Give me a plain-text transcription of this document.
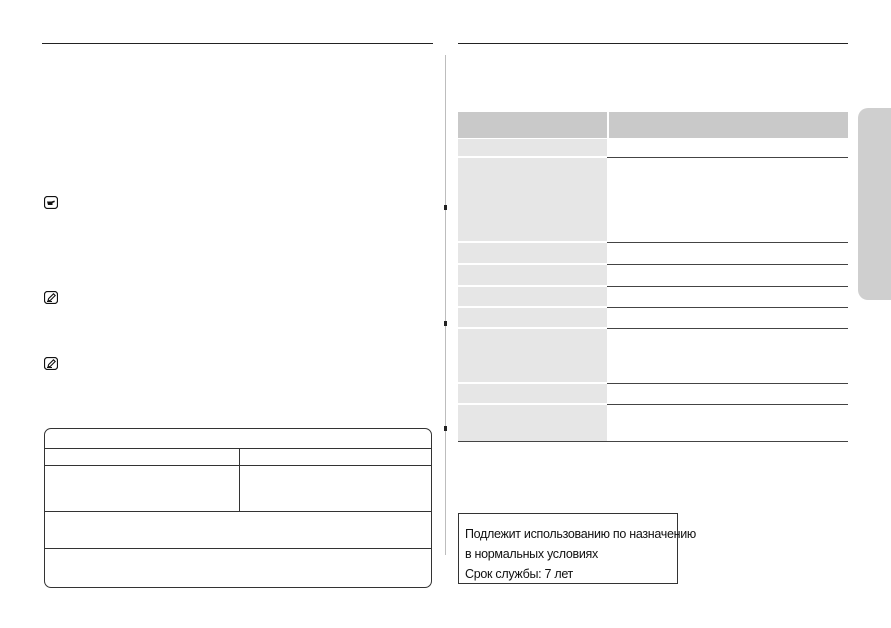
Подлежит использованию по назначению
в нормальных условиях
Срок службы: 7 лет
